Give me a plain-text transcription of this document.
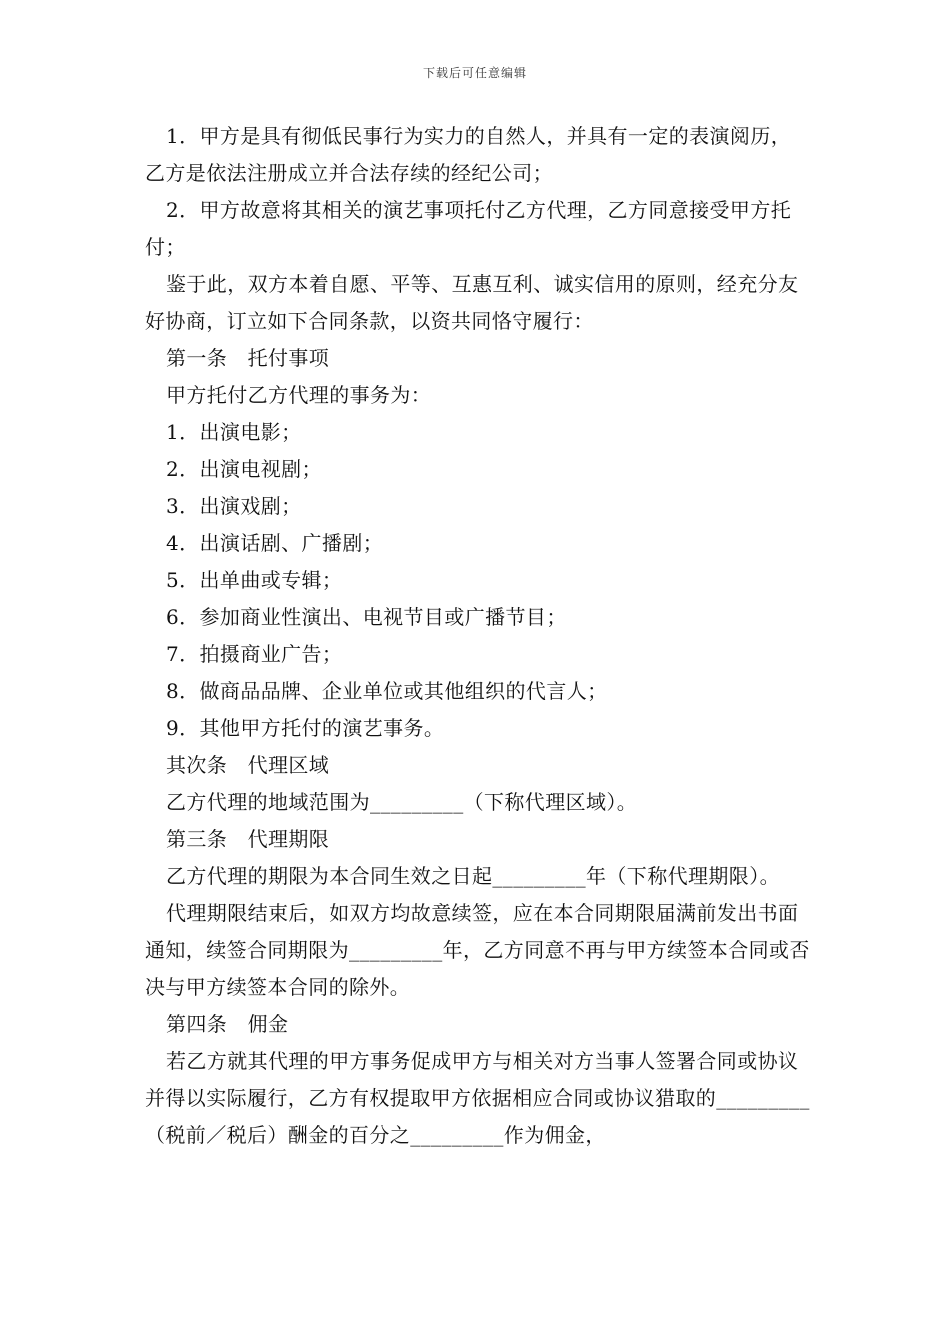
下载后可任意编辑

1．甲方是具有彻低民事行为实力的自然人，并具有一定的表演阅历，乙方是依法注册成立并合法存续的经纪公司；

2．甲方故意将其相关的演艺事项托付乙方代理，乙方同意接受甲方托付；

鉴于此，双方本着自愿、平等、互惠互利、诚实信用的原则，经充分友好协商，订立如下合同条款，以资共同恪守履行：

第一条　托付事项

甲方托付乙方代理的事务为：

1．出演电影；

2．出演电视剧；

3．出演戏剧；

4．出演话剧、广播剧；

5．出单曲或专辑；

6．参加商业性演出、电视节目或广播节目；

7．拍摄商业广告；

8．做商品品牌、企业单位或其他组织的代言人；

9．其他甲方托付的演艺事务。

其次条　代理区域

乙方代理的地域范围为_________（下称代理区域）。

第三条　代理期限

乙方代理的期限为本合同生效之日起_________年（下称代理期限）。

代理期限结束后，如双方均故意续签，应在本合同期限届满前发出书面通知，续签合同期限为_________年，乙方同意不再与甲方续签本合同或否决与甲方续签本合同的除外。

第四条　佣金

若乙方就其代理的甲方事务促成甲方与相关对方当事人签署合同或协议并得以实际履行，乙方有权提取甲方依据相应合同或协议猎取的_________（税前／税后）酬金的百分之_________作为佣金，
